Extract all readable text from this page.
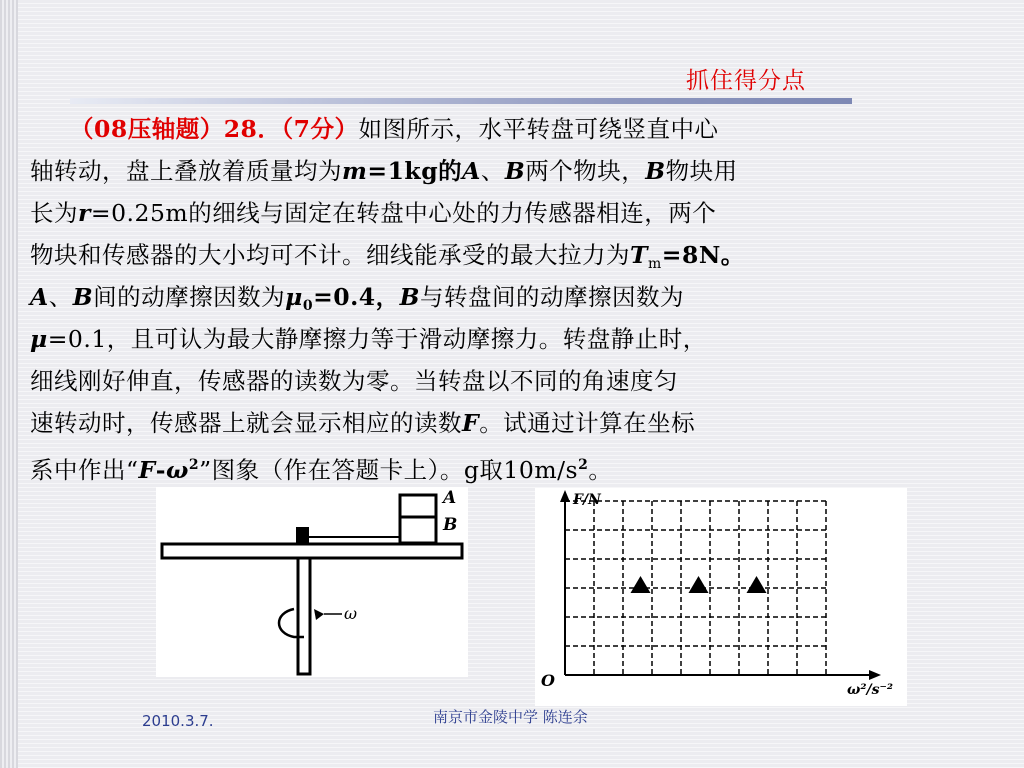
抓住得分点
（08压轴题）28．（7分）如图所示，水平转盘可绕竖直中心
轴转动，盘上叠放着质量均为m=1kg的A、B两个物块，B物块用
长为r=0.25m的细线与固定在转盘中心处的力传感器相连，两个
物块和传感器的大小均可不计。细线能承受的最大拉力为$T_m=8N$。
A、B间的动摩擦因数为$\mu_0=0.4$，B与转盘间的动摩擦因数为
μ=0.1，且可认为最大静摩擦力等于滑动摩擦力。转盘静止时，
细线刚好伸直，传感器的读数为零。当转盘以不同的角速度匀
速转动时，传感器上就会显示相应的读数F。试通过计算在坐标
系中作出“$F-\omega^2$”图象（作在答题卡上）。g取$10m/s^2$。
A
B
ω
F/N
ω²/s⁻²
O
2010.3.7.	南京市金陵中学 陈连余
